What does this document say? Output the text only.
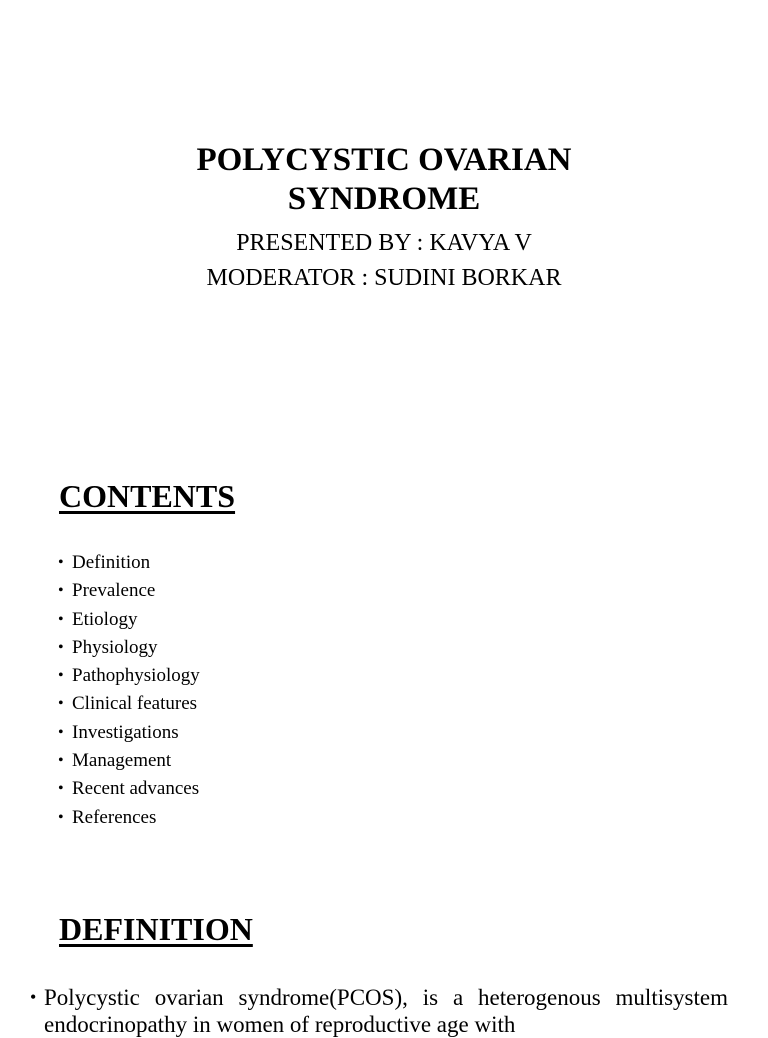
POLYCYSTIC OVARIAN
SYNDROME

PRESENTED BY : KAVYA V

MODERATOR : SUDINI BORKAR

CONTENTS
• Definition
• Prevalence
• Etiology
• Physiology
• Pathophysiology
• Clinical features
• Investigations
• Management
• Recent advances
• References
DEFINITION

• Polycystic ovarian syndrome(PCOS), is a heterogenous multisystem endocrinopathy in women of reproductive age with
